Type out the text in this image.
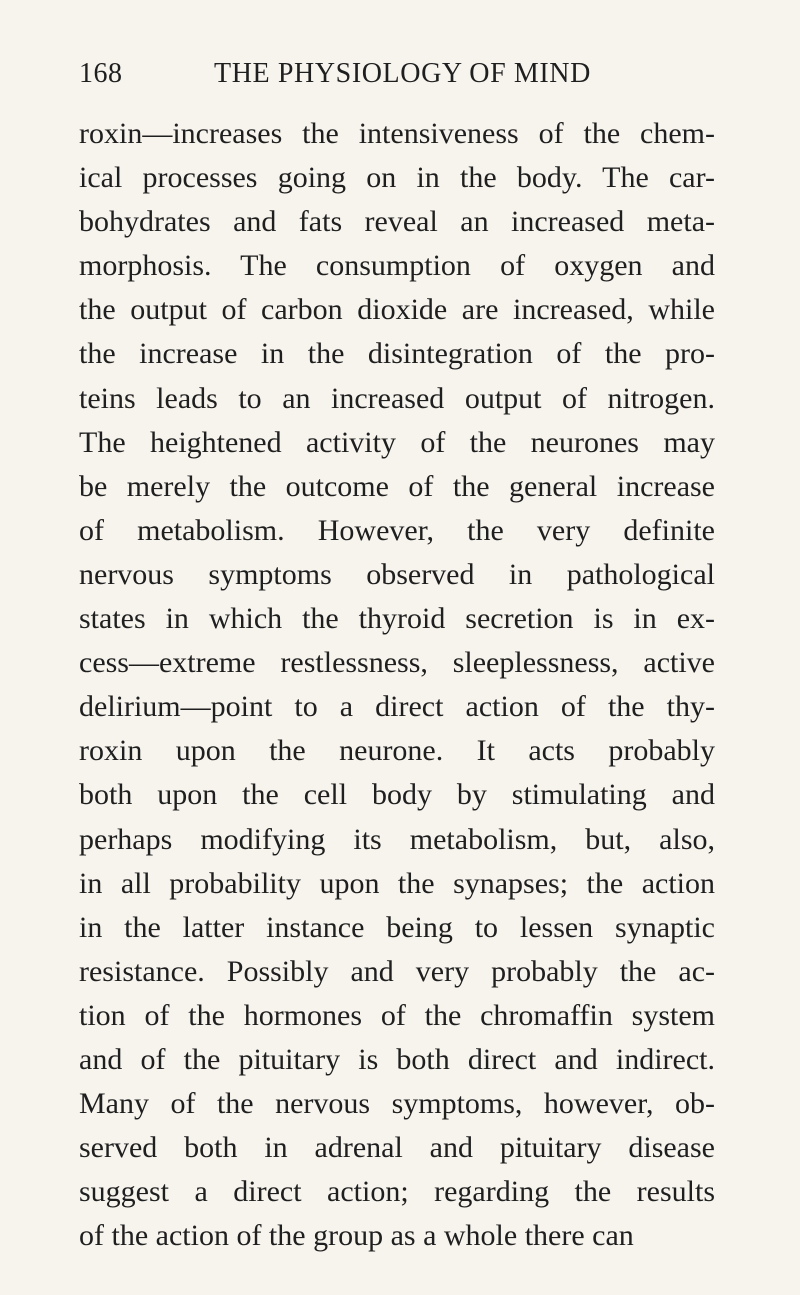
168	THE PHYSIOLOGY OF MIND
roxin—increases the intensiveness of the chem-
ical processes going on in the body. The car-
bohydrates and fats reveal an increased meta-
morphosis. The consumption of oxygen and
the output of carbon dioxide are increased, while
the increase in the disintegration of the pro-
teins leads to an increased output of nitrogen.
The heightened activity of the neurones may
be merely the outcome of the general increase
of metabolism. However, the very definite
nervous symptoms observed in pathological
states in which the thyroid secretion is in ex-
cess—extreme restlessness, sleeplessness, active
delirium—point to a direct action of the thy-
roxin upon the neurone. It acts probably
both upon the cell body by stimulating and
perhaps modifying its metabolism, but, also,
in all probability upon the synapses; the action
in the latter instance being to lessen synaptic
resistance. Possibly and very probably the ac-
tion of the hormones of the chromaffin system
and of the pituitary is both direct and indirect.
Many of the nervous symptoms, however, ob-
served both in adrenal and pituitary disease
suggest a direct action; regarding the results
of the action of the group as a whole there can
